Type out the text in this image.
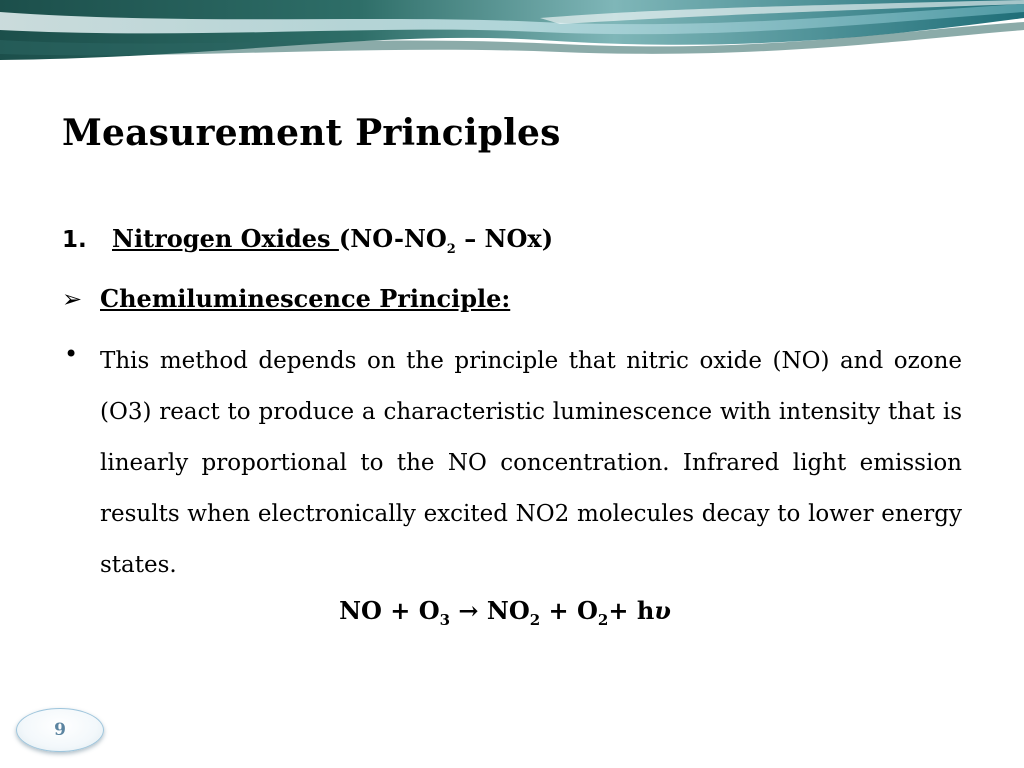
Measurement Principles
1. Nitrogen Oxides $(NO-NO_2 - NOx)$
➢ Chemiluminescence Principle:
• This method depends on the principle that nitric oxide (NO) and ozone (O3) react to produce a characteristic luminescence with intensity that is linearly proportional to the NO concentration. Infrared light emission results when electronically excited NO2 molecules decay to lower energy states.

NO + $O_3 \to NO_2 + O_2+ h\upsilon$
9
